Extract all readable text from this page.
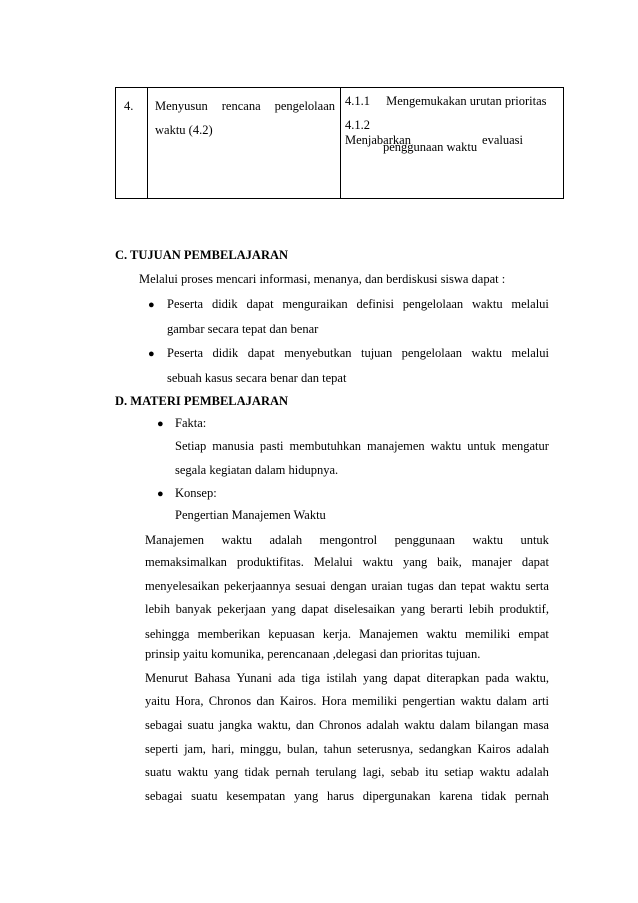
4. Menyusun rencana pengelolaan
waktu (4.2)
4.1.1 Mengemukakan urutan prioritas
4.1.2
Menjabarkan	evaluasi
penggunaan waktu
C. TUJUAN PEMBELAJARAN
Melalui proses mencari informasi, menanya, dan berdiskusi siswa dapat :
● Peserta didik dapat menguraikan definisi pengelolaan waktu melalui
gambar secara tepat dan benar
● Peserta didik dapat menyebutkan tujuan pengelolaan waktu melalui
sebuah kasus secara benar dan tepat
D. MATERI PEMBELAJARAN
● Fakta:
Setiap manusia pasti membutuhkan manajemen waktu untuk mengatur
segala kegiatan dalam hidupnya.
● Konsep:
Pengertian Manajemen Waktu
Manajemen waktu adalah mengontrol penggunaan waktu untuk
memaksimalkan produktifitas. Melalui waktu yang baik, manajer dapat
menyelesaikan pekerjaannya sesuai dengan uraian tugas dan tepat waktu serta
lebih banyak pekerjaan yang dapat diselesaikan yang berarti lebih produktif,
sehingga memberikan kepuasan kerja. Manajemen waktu memiliki empat
prinsip yaitu komunika, perencanaan ,delegasi dan prioritas tujuan.
Menurut Bahasa Yunani ada tiga istilah yang dapat diterapkan pada waktu,
yaitu Hora, Chronos dan Kairos. Hora memiliki pengertian waktu dalam arti
sebagai suatu jangka waktu, dan Chronos adalah waktu dalam bilangan masa
seperti jam, hari, minggu, bulan, tahun seterusnya, sedangkan Kairos adalah
suatu waktu yang tidak pernah terulang lagi, sebab itu setiap waktu adalah
sebagai suatu kesempatan yang harus dipergunakan karena tidak pernah
